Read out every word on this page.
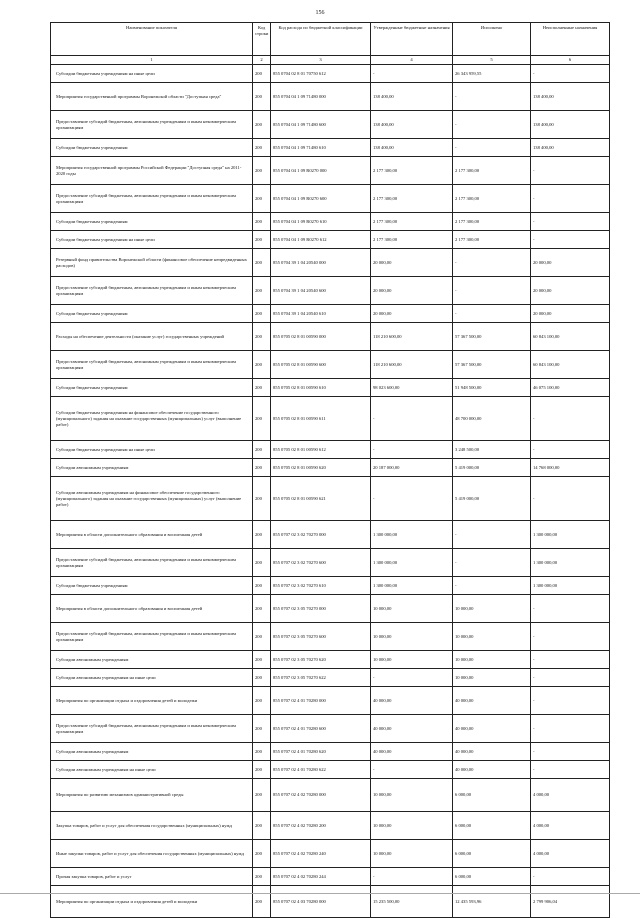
156
Наименование показателя	Код строки	Код расхода по бюджетной классификации	Утвержденные бюджетные назначения	Исполнено	Неисполненные назначения
1	2	3	4	5	6
Субсидии бюджетным учреждениям на иные цели	200	855 0704 02 8 01 70750 612	-	26 343 959,55	-
Мероприятия государственной программы Воронежской области "Доступная среда"	200	855 0704 04 1 09 71480 000	138 400,00	-	138 400,00
Предоставление субсидий бюджетным, автономным учреждениям и иным некоммерческим организациям	200	855 0704 04 1 09 71480 600	138 400,00	-	138 400,00
Субсидии бюджетным учреждениям	200	855 0704 04 1 09 71480 610	138 400,00	-	138 400,00
Мероприятия государственной программы Российской Федерации "Доступная среда" на 2011-2020 годы	200	855 0704 04 1 09 R0270 000	2 177 300,00	2 177 300,00	-
Предоставление субсидий бюджетным, автономным учреждениям и иным некоммерческим организациям	200	855 0704 04 1 09 R0270 600	2 177 300,00	2 177 300,00	-
Субсидии бюджетным учреждениям	200	855 0704 04 1 09 R0270 610	2 177 300,00	2 177 300,00	-
Субсидии бюджетным учреждениям на иные цели	200	855 0704 04 1 09 R0270 612	2 177 300,00	2 177 300,00	-
Резервный фонд правительства Воронежской области (финансовое обеспечение непредвиденных расходов)	200	855 0704 39 1 04 20540 000	20 000,00	-	20 000,00
Предоставление субсидий бюджетным, автономным учреждениям и иным некоммерческим организациям	200	855 0704 39 1 04 20540 600	20 000,00	-	20 000,00
Субсидии бюджетным учреждениям	200	855 0704 39 1 04 20540 610	20 000,00	-	20 000,00
Расходы на обеспечение деятельности (оказание услуг) государственных учреждений	200	855 0705 02 8 01 00590 000	118 210 600,00	57 367 500,00	60 843 100,00
Предоставление субсидий бюджетным, автономным учреждениям и иным некоммерческим организациям	200	855 0705 02 8 01 00590 600	118 210 600,00	57 367 500,00	60 843 100,00
Субсидии бюджетным учреждениям	200	855 0705 02 8 01 00590 610	98 023 600,00	51 948 500,00	46 075 100,00
Субсидии бюджетным учреждениям на финансовое обеспечение государственного (муниципального) задания на оказание государственных (муниципальных) услуг (выполнение работ)	200	855 0705 02 8 01 00590 611	-	48 700 000,00	-
Субсидии бюджетным учреждениям на иные цели	200	855 0705 02 8 01 00590 612	-	3 248 500,00	-
Субсидии автономным учреждениям	200	855 0705 02 8 01 00590 620	20 187 000,00	5 419 000,00	14 768 000,00
Субсидии автономным учреждениям на финансовое обеспечение государственного (муниципального) задания на оказание государственных (муниципальных) услуг (выполнение работ)	200	855 0705 02 8 01 00590 621	-	5 419 000,00	-
Мероприятия в области дополнительного образования и воспитания детей	200	855 0707 02 3 02 70270 000	1 300 000,00	-	1 300 000,00
Предоставление субсидий бюджетным, автономным учреждениям и иным некоммерческим организациям	200	855 0707 02 3 02 70270 600	1 300 000,00	-	1 300 000,00
Субсидии бюджетным учреждениям	200	855 0707 02 3 02 70270 610	1 300 000,00	-	1 300 000,00
Мероприятия в области дополнительного образования и воспитания детей	200	855 0707 02 3 05 70270 000	10 000,00	10 000,00	-
Предоставление субсидий бюджетным, автономным учреждениям и иным некоммерческим организациям	200	855 0707 02 3 05 70270 600	10 000,00	10 000,00	-
Субсидии автономным учреждениям	200	855 0707 02 3 05 70270 620	10 000,00	10 000,00	-
Субсидии автономным учреждениям на иные цели	200	855 0707 02 3 05 70270 622	-	10 000,00	-
Мероприятия по организации отдыха и оздоровления детей и молодежи	200	855 0707 02 4 01 70280 000	40 000,00	40 000,00	-
Предоставление субсидий бюджетным, автономным учреждениям и иным некоммерческим организациям	200	855 0707 02 4 01 70280 600	40 000,00	40 000,00	-
Субсидии автономным учреждениям	200	855 0707 02 4 01 70280 620	40 000,00	40 000,00	-
Субсидии автономным учреждениям на иные цели	200	855 0707 02 4 01 70280 622	-	40 000,00	-
Мероприятия по развитию механизмов административной среды	200	855 0707 02 4 02 70280 000	10 000,00	6 000,00	4 000,00
Закупка товаров, работ и услуг для обеспечения государственных (муниципальных) нужд	200	855 0707 02 4 02 70280 200	10 000,00	6 000,00	4 000,00
Иные закупки товаров, работ и услуг для обеспечения государственных (муниципальных) нужд	200	855 0707 02 4 02 70280 240	10 000,00	6 000,00	4 000,00
Прочая закупка товаров, работ и услуг	200	855 0707 02 4 02 70280 244	-	6 000,00	-
Мероприятия по организации отдыха и оздоровления детей и молодежи	200	855 0707 02 4 03 70280 000	15 235 500,00	12 435 593,96	2 799 906,04
